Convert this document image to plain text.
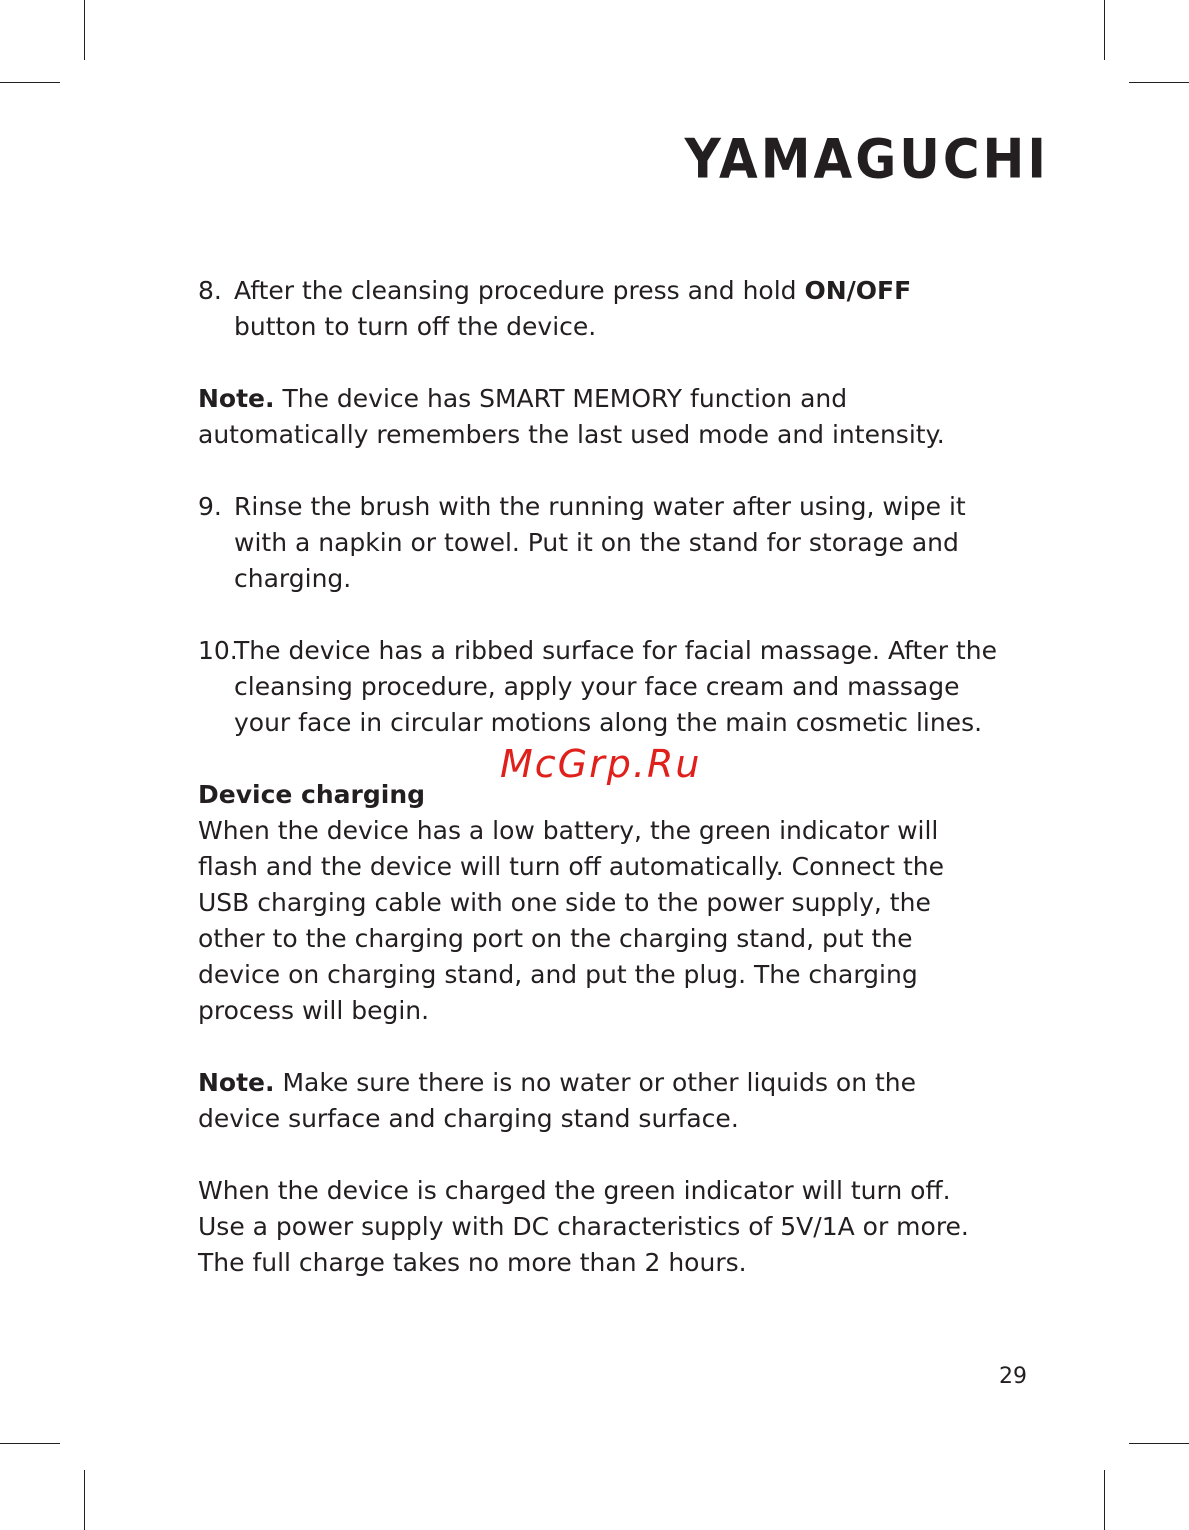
YAMAGUCHI
8. After the cleansing procedure press and hold ON/OFF button to turn off the device.

Note. The device has SMART MEMORY function and automatically remembers the last used mode and intensity.

9. Rinse the brush with the running water after using, wipe it with a napkin or towel. Put it on the stand for storage and charging.

10.

The device has a ribbed surface for facial massage. After the cleansing procedure, apply your face cream and massage your face in circular motions along the main cosmetic lines.

Device charging

When the device has a low battery, the green indicator will flash and the device will turn off automatically. Connect the USB charging cable with one side to the power supply, the other to the charging port on the charging stand, put the device on charging stand, and put the plug. The charging process will begin.

Note. Make sure there is no water or other liquids on the device surface and charging stand surface.

When the device is charged the green indicator will turn off. Use a power supply with DC characteristics of 5V/1A or more. The full charge takes no more than 2 hours.

McGrp.Ru
29
